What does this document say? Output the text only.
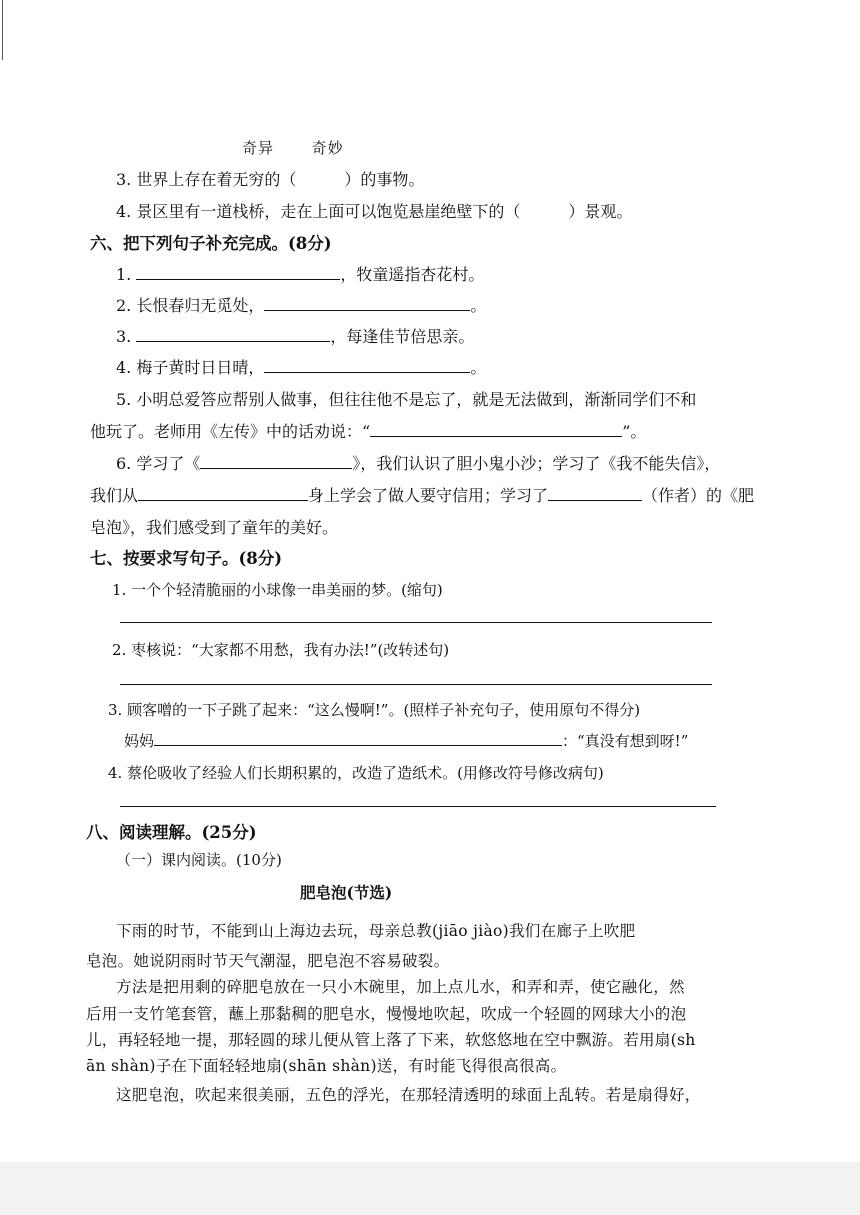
奇异	奇妙
3. 世界上存在着无穷的（	）的事物。
4. 景区里有一道栈桥，走在上面可以饱览悬崖绝壁下的（	）景观。
六、把下列句子补充完成。(8分)
1.	，牧童遥指杏花村。
2. 长恨春归无觅处，	。
3.	，每逢佳节倍思亲。
4. 梅子黄时日日晴，	。
5. 小明总爱答应帮别人做事，但往往他不是忘了，就是无法做到，渐渐同学们不和
他玩了。老师用《左传》中的话劝说：“	”。
6. 学习了《	》，我们认识了胆小鬼小沙；学习了《我不能失信》，
我们从	身上学会了做人要守信用；学习了	（作者）的《肥
皂泡》，我们感受到了童年的美好。
七、按要求写句子。(8分)
1. 一个个轻清脆丽的小球像一串美丽的梦。(缩句)
2. 枣核说：“大家都不用愁，我有办法!”(改转述句)
3. 顾客噌的一下子跳了起来：“这么慢啊!”。(照样子补充句子，使用原句不得分)
妈妈	：“真没有想到呀!”
4. 蔡伦吸收了经验人们长期积累的，改造了造纸术。(用修改符号修改病句)
八、阅读理解。(25分)
（一）课内阅读。(10分)
肥皂泡(节选)
下雨的时节，不能到山上海边去玩，母亲总教(jiāo jiào)我们在廊子上吹肥
皂泡。她说阴雨时节天气潮湿，肥皂泡不容易破裂。
方法是把用剩的碎肥皂放在一只小木碗里，加上点儿水，和弄和弄，使它融化，然
后用一支竹笔套管，蘸上那黏稠的肥皂水，慢慢地吹起，吹成一个轻圆的网球大小的泡
儿，再轻轻地一提，那轻圆的球儿便从管上落了下来，软悠悠地在空中飘游。若用扇(sh
ān shàn)子在下面轻轻地扇(shān shàn)送，有时能飞得很高很高。
这肥皂泡，吹起来很美丽，五色的浮光，在那轻清透明的球面上乱转。若是扇得好，
